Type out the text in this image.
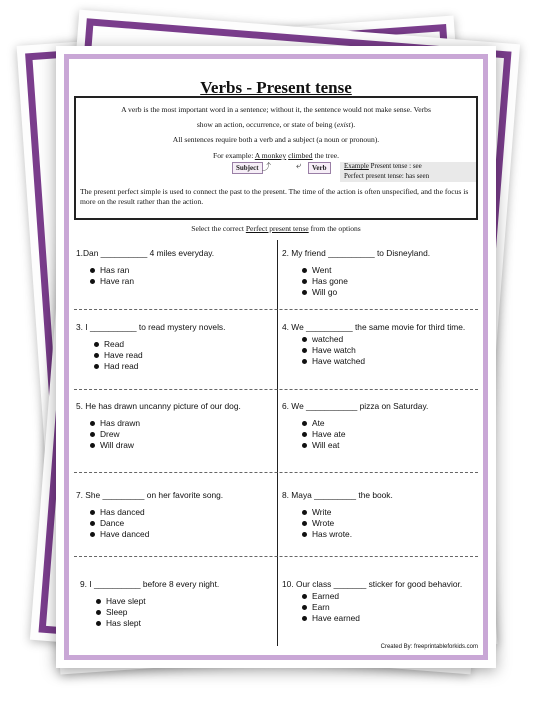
Verbs - Present tense
A verb is the most important word in a sentence; without it, the sentence would not make sense. Verbs
show an action, occurrence, or state of being (exist).
All sentences require both a verb and a subject (a noun or pronoun).
For example: A monkey climbed the tree.
Subject ⤴	⤶	Verb	Example Present tense : see
Perfect present tense: has seen
The present perfect simple is used to connect the past to the present. The time of the action is often unspecified, and the focus is more on the result rather than the action.
Select the correct Perfect present tense from the options
1.Dan __________ 4 miles everyday.
Has ran
Have ran
2. My friend __________ to Disneyland.
Went
Has gone
Will go
3. I __________ to read mystery novels.
Read
Have read
Had read
4. We __________ the same movie for third time.
watched
Have watch
Have watched
5. He has drawn uncanny picture of our dog.
Has drawn
Drew
Will draw
6. We ___________ pizza on Saturday.
Ate
Have ate
Will eat
7. She _________ on her favorite song.
Has danced
Dance
Have danced
8. Maya _________ the book.
Write
Wrote
Has wrote.
9. I __________ before 8 every night.
Have slept
Sleep
Has slept
10. Our class _______ sticker for good behavior.
Earned
Earn
Have earned
Created By: freeprintableforkids.com
